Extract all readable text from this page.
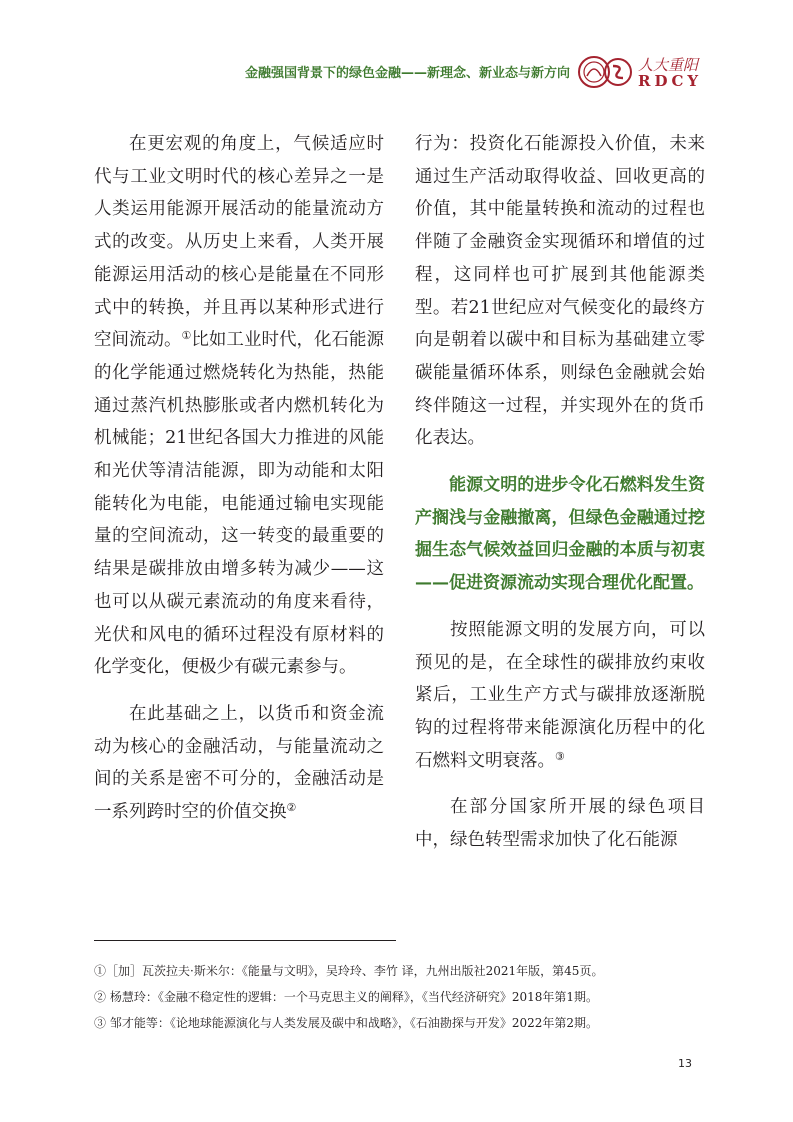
金融强国背景下的绿色金融——新理念、新业态与新方向	人大重阳
RDCY

在更宏观的角度上，气候适应时代与工业文明时代的核心差异之一是人类运用能源开展活动的能量流动方式的改变。从历史上来看，人类开展能源运用活动的核心是能量在不同形式中的转换，并且再以某种形式进行空间流动。①比如工业时代，化石能源的化学能通过燃烧转化为热能，热能通过蒸汽机热膨胀或者内燃机转化为机械能；21世纪各国大力推进的风能和光伏等清洁能源，即为动能和太阳能转化为电能，电能通过输电实现能量的空间流动，这一转变的最重要的结果是碳排放由增多转为减少——这也可以从碳元素流动的角度来看待，光伏和风电的循环过程没有原材料的化学变化，便极少有碳元素参与。

在此基础之上，以货币和资金流动为核心的金融活动，与能量流动之间的关系是密不可分的，金融活动是一系列跨时空的价值交换②

行为：投资化石能源投入价值，未来通过生产活动取得收益、回收更高的价值，其中能量转换和流动的过程也伴随了金融资金实现循环和增值的过程，这同样也可扩展到其他能源类型。若21世纪应对气候变化的最终方向是朝着以碳中和目标为基础建立零碳能量循环体系，则绿色金融就会始终伴随这一过程，并实现外在的货币化表达。

能源文明的进步令化石燃料发生资产搁浅与金融撤离，但绿色金融通过挖掘生态气候效益回归金融的本质与初衷——促进资源流动实现合理优化配置。

按照能源文明的发展方向，可以预见的是，在全球性的碳排放约束收紧后，工业生产方式与碳排放逐渐脱钩的过程将带来能源演化历程中的化石燃料文明衰落。③

在部分国家所开展的绿色项目中，绿色转型需求加快了化石能源

①［加］瓦茨拉夫·斯米尔：《能量与文明》，吴玲玲、李竹 译，九州出版社2021年版，第45页。
② 杨慧玲：《金融不稳定性的逻辑：一个马克思主义的阐释》，《当代经济研究》2018年第1期。
③ 邹才能等：《论地球能源演化与人类发展及碳中和战略》，《石油勘探与开发》2022年第2期。
13
